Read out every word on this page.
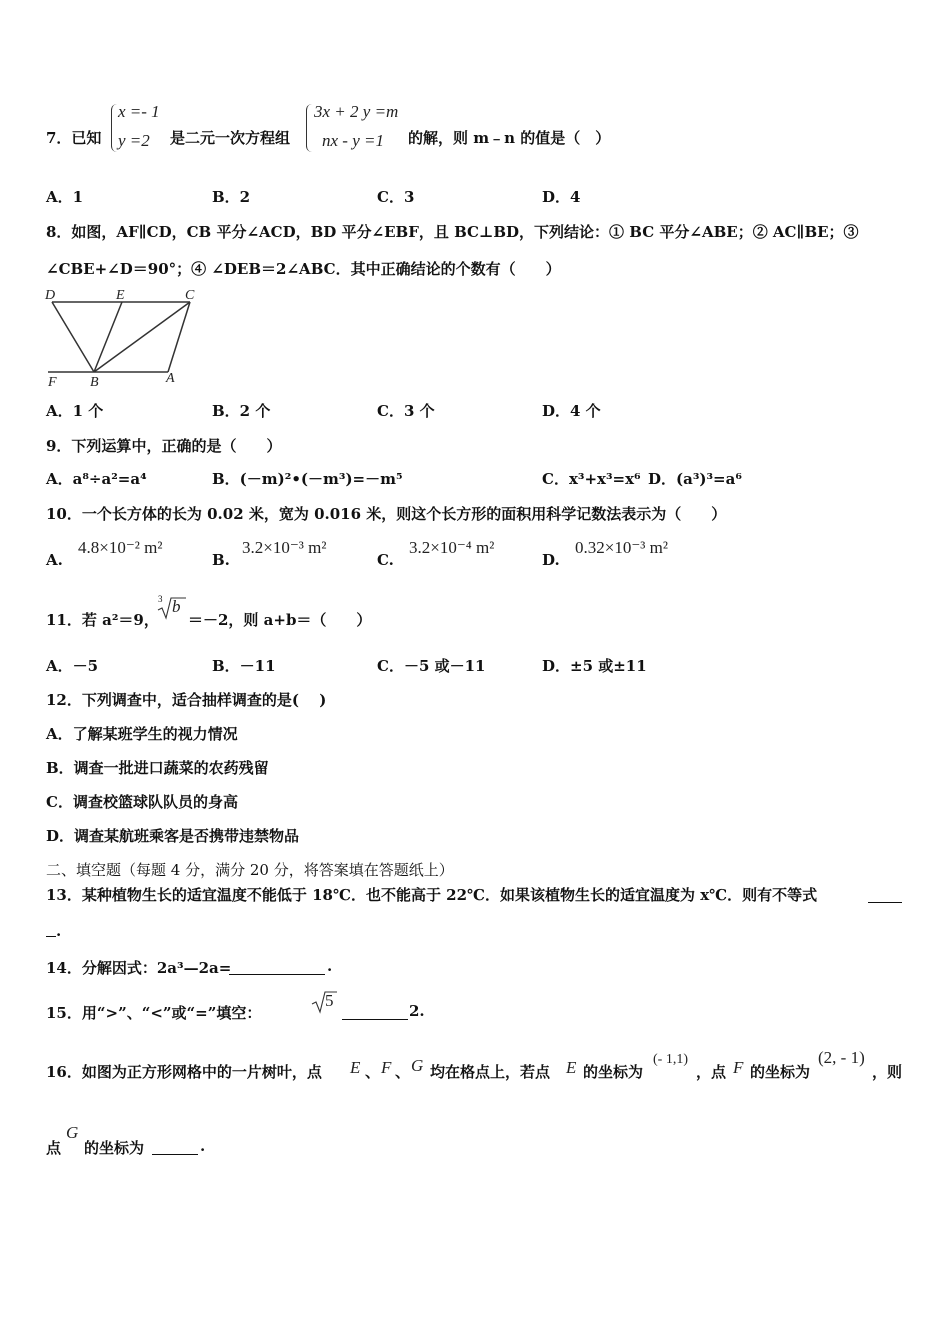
7．已知
x =- 1
y =2 是二元一次方程组
3x + 2 y =m
nx - y =1 的解，则 m﹣n 的值是（　）
A．1	B．2	C．3	D．4
8．如图，AF∥CD，CB 平分∠ACD，BD 平分∠EBF，且 BC⊥BD，下列结论：① BC 平分∠ABE；② AC∥BE；③
∠CBE+∠D＝90°；④ ∠DEB＝2∠ABC．其中正确结论的个数有（　　）
D	E	C
F B	A
A．1 个	B．2 个	C．3 个	D．4 个
9．下列运算中，正确的是（　　）
A．a⁸÷a²=a⁴	B．(－m)²•(－m³)=－m⁵	C．x³+x³=x⁶ D．(a³)³=a⁶
10．一个长方体的长为 0.02 米，宽为 0.016 米，则这个长方形的面积用科学记数法表示为（　　）
A.
4.8×10⁻² m²
B.
3.2×10⁻³ m²
C.
3.2×10⁻⁴ m²
D.
0.32×10⁻³ m²
11．若 a²＝9，
3 b
＝－2，则 a+b＝（　　）
A．－5	B．－11	C．－5 或－11	D．±5 或±11
12．下列调查中，适合抽样调查的是(　 )
A．了解某班学生的视力情况
B．调查一批进口蔬菜的农药残留
C．调查校篮球队队员的身高
D．调查某航班乘客是否携带违禁物品
二、填空题（每题 4 分，满分 20 分，将答案填在答题纸上）
13．某种植物生长的适宜温度不能低于 18℃．也不能高于 22℃．如果该植物生长的适宜温度为 x℃．则有不等式
.
14．分解因式：2a³—2a=	.
15．用“>”、“<”或“=”填空：
5
2.
16．如图为正方形网格中的一片树叶，点 E 、 F 、 G 均在格点上，若点 E 的坐标为
(- 1,1)
，点 F 的坐标为
(2, - 1)
，则
点
G
的坐标为	.
